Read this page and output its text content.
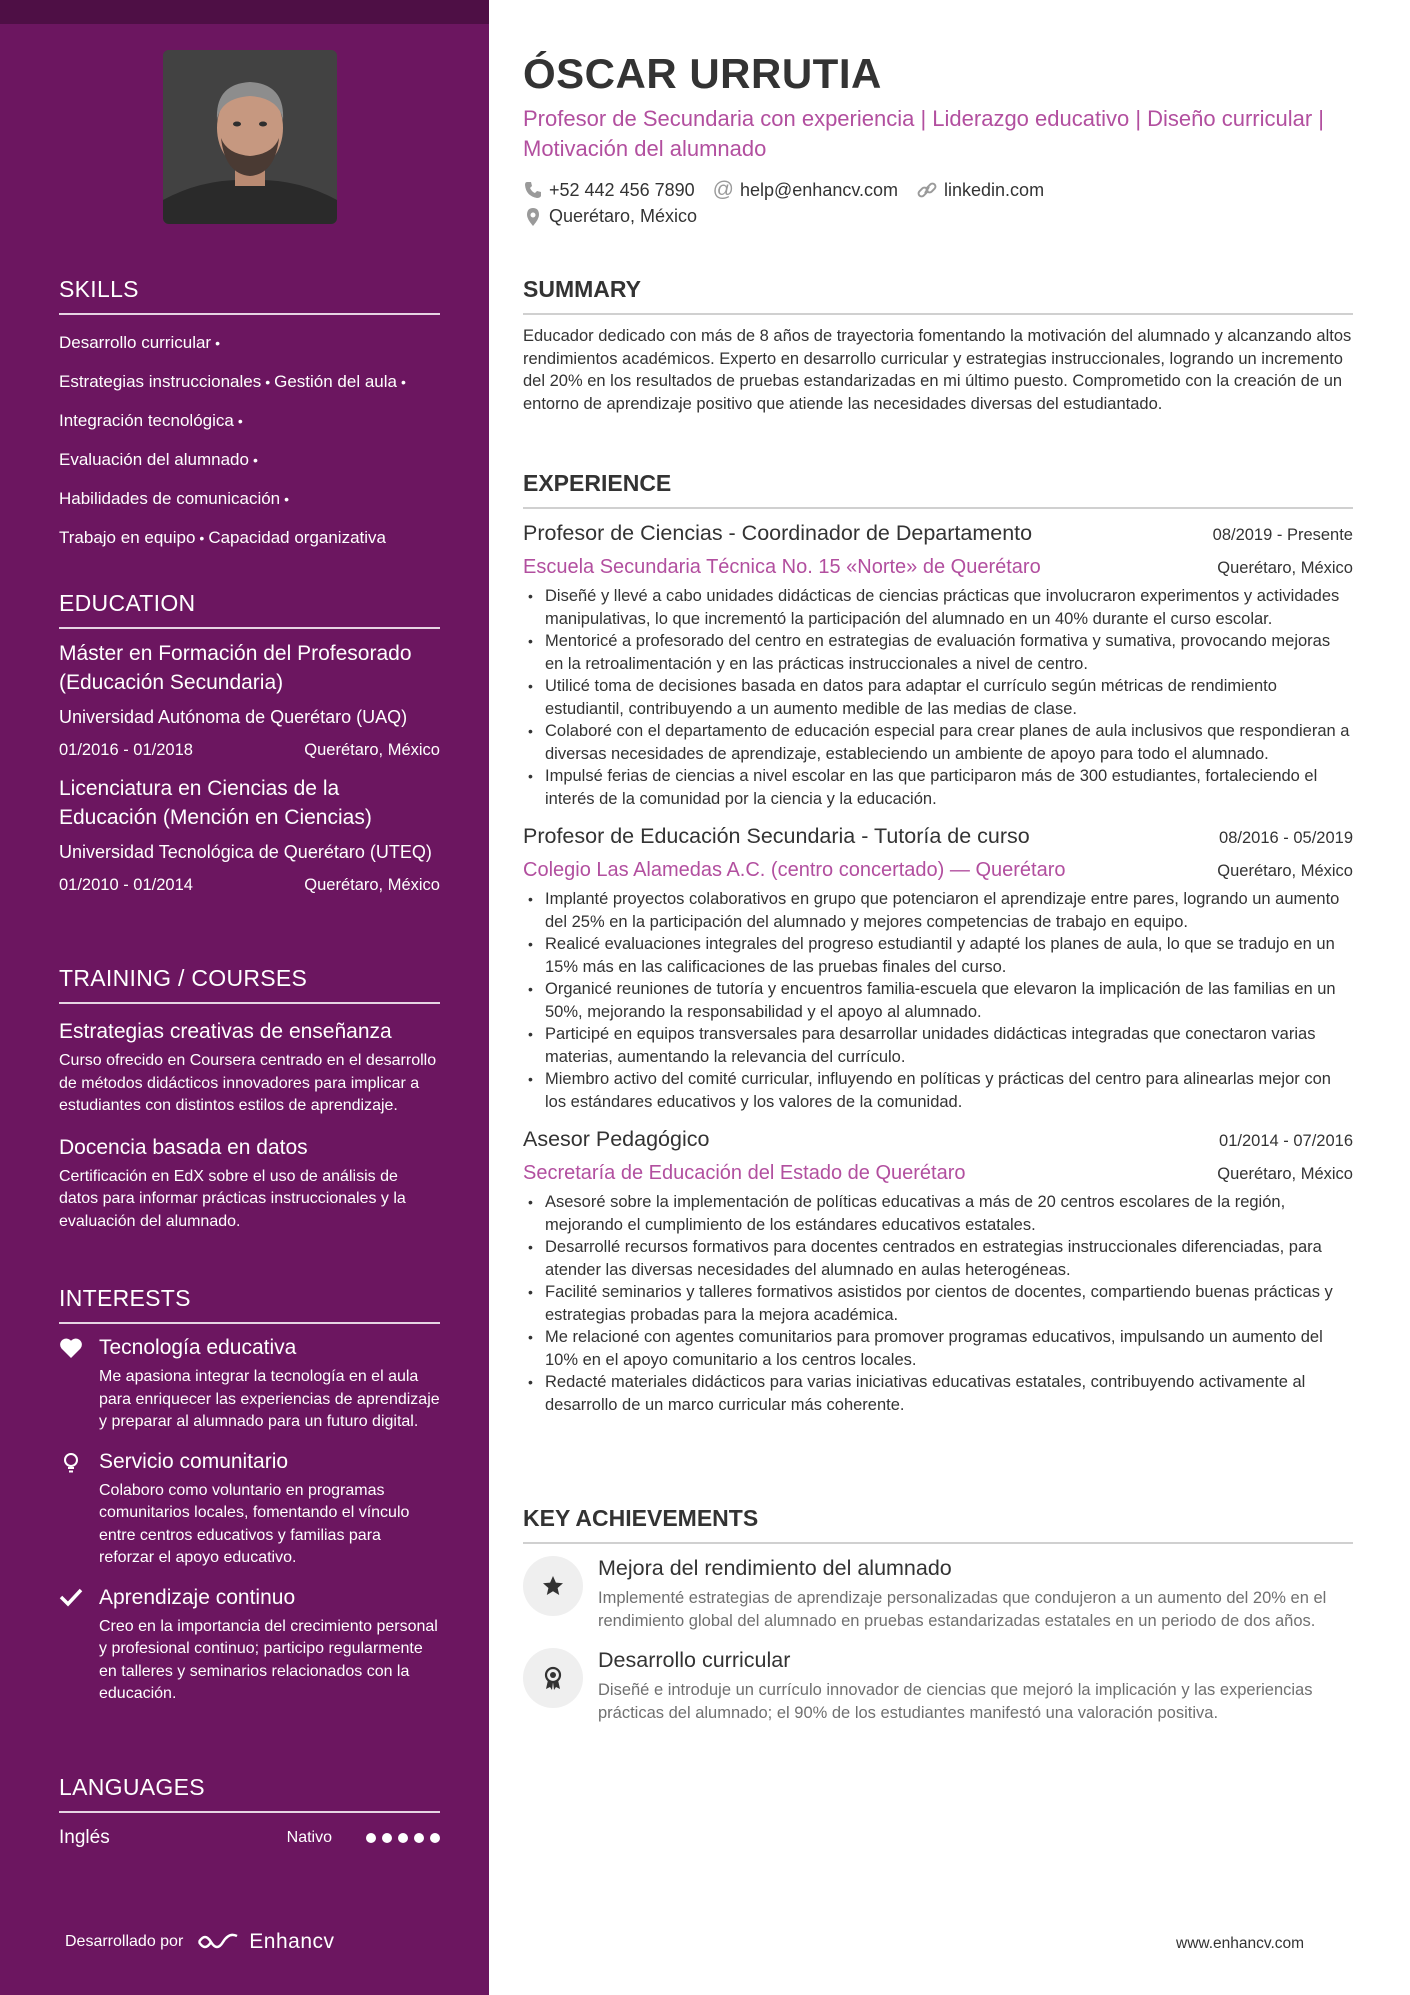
SKILLS
Desarrollo curricular •
Estrategias instruccionales • Gestión del aula •
Integración tecnológica •
Evaluación del alumnado •
Habilidades de comunicación •
Trabajo en equipo • Capacidad organizativa
EDUCATION
Máster en Formación del Profesorado (Educación Secundaria)
Universidad Autónoma de Querétaro (UAQ)
01/2016 - 01/2018	Querétaro, México
Licenciatura en Ciencias de la Educación (Mención en Ciencias)
Universidad Tecnológica de Querétaro (UTEQ)
01/2010 - 01/2014	Querétaro, México
TRAINING / COURSES
Estrategias creativas de enseñanza
Curso ofrecido en Coursera centrado en el desarrollo de métodos didácticos innovadores para implicar a estudiantes con distintos estilos de aprendizaje.
Docencia basada en datos
Certificación en EdX sobre el uso de análisis de datos para informar prácticas instruccionales y la evaluación del alumnado.
INTERESTS
Tecnología educativa
Me apasiona integrar la tecnología en el aula para enriquecer las experiencias de aprendizaje y preparar al alumnado para un futuro digital.
Servicio comunitario
Colaboro como voluntario en programas comunitarios locales, fomentando el vínculo entre centros educativos y familias para reforzar el apoyo educativo.
Aprendizaje continuo
Creo en la importancia del crecimiento personal y profesional continuo; participo regularmente en talleres y seminarios relacionados con la educación.
LANGUAGES
Inglés	Nativo
Desarrollado por	Enhancv
ÓSCAR URRUTIA
Profesor de Secundaria con experiencia | Liderazgo educativo | Diseño curricular | Motivación del alumnado
+52 442 456 7890 @ help@enhancv.com	linkedin.com
Querétaro, México
SUMMARY
Educador dedicado con más de 8 años de trayectoria fomentando la motivación del alumnado y alcanzando altos rendimientos académicos. Experto en desarrollo curricular y estrategias instruccionales, logrando un incremento del 20% en los resultados de pruebas estandarizadas en mi último puesto. Comprometido con la creación de un entorno de aprendizaje positivo que atiende las necesidades diversas del estudiantado.
EXPERIENCE
Profesor de Ciencias - Coordinador de Departamento	08/2019 - Presente
Escuela Secundaria Técnica No. 15 «Norte» de Querétaro	Querétaro, México
• Diseñé y llevé a cabo unidades didácticas de ciencias prácticas que involucraron experimentos y actividades manipulativas, lo que incrementó la participación del alumnado en un 40% durante el curso escolar.
• Mentoricé a profesorado del centro en estrategias de evaluación formativa y sumativa, provocando mejoras en la retroalimentación y en las prácticas instruccionales a nivel de centro.
• Utilicé toma de decisiones basada en datos para adaptar el currículo según métricas de rendimiento estudiantil, contribuyendo a un aumento medible de las medias de clase.
• Colaboré con el departamento de educación especial para crear planes de aula inclusivos que respondieran a diversas necesidades de aprendizaje, estableciendo un ambiente de apoyo para todo el alumnado.
• Impulsé ferias de ciencias a nivel escolar en las que participaron más de 300 estudiantes, fortaleciendo el interés de la comunidad por la ciencia y la educación.
Profesor de Educación Secundaria - Tutoría de curso	08/2016 - 05/2019
Colegio Las Alamedas A.C. (centro concertado) — Querétaro	Querétaro, México
• Implanté proyectos colaborativos en grupo que potenciaron el aprendizaje entre pares, logrando un aumento del 25% en la participación del alumnado y mejores competencias de trabajo en equipo.
• Realicé evaluaciones integrales del progreso estudiantil y adapté los planes de aula, lo que se tradujo en un 15% más en las calificaciones de las pruebas finales del curso.
• Organicé reuniones de tutoría y encuentros familia-escuela que elevaron la implicación de las familias en un 50%, mejorando la responsabilidad y el apoyo al alumnado.
• Participé en equipos transversales para desarrollar unidades didácticas integradas que conectaron varias materias, aumentando la relevancia del currículo.
• Miembro activo del comité curricular, influyendo en políticas y prácticas del centro para alinearlas mejor con los estándares educativos y los valores de la comunidad.
Asesor Pedagógico	01/2014 - 07/2016
Secretaría de Educación del Estado de Querétaro	Querétaro, México
• Asesoré sobre la implementación de políticas educativas a más de 20 centros escolares de la región, mejorando el cumplimiento de los estándares educativos estatales.
• Desarrollé recursos formativos para docentes centrados en estrategias instruccionales diferenciadas, para atender las diversas necesidades del alumnado en aulas heterogéneas.
• Facilité seminarios y talleres formativos asistidos por cientos de docentes, compartiendo buenas prácticas y estrategias probadas para la mejora académica.
• Me relacioné con agentes comunitarios para promover programas educativos, impulsando un aumento del 10% en el apoyo comunitario a los centros locales.
• Redacté materiales didácticos para varias iniciativas educativas estatales, contribuyendo activamente al desarrollo de un marco curricular más coherente.
KEY ACHIEVEMENTS
Mejora del rendimiento del alumnado
Implementé estrategias de aprendizaje personalizadas que condujeron a un aumento del 20% en el rendimiento global del alumnado en pruebas estandarizadas estatales en un periodo de dos años.
Desarrollo curricular
Diseñé e introduje un currículo innovador de ciencias que mejoró la implicación y las experiencias prácticas del alumnado; el 90% de los estudiantes manifestó una valoración positiva.
www.enhancv.com
